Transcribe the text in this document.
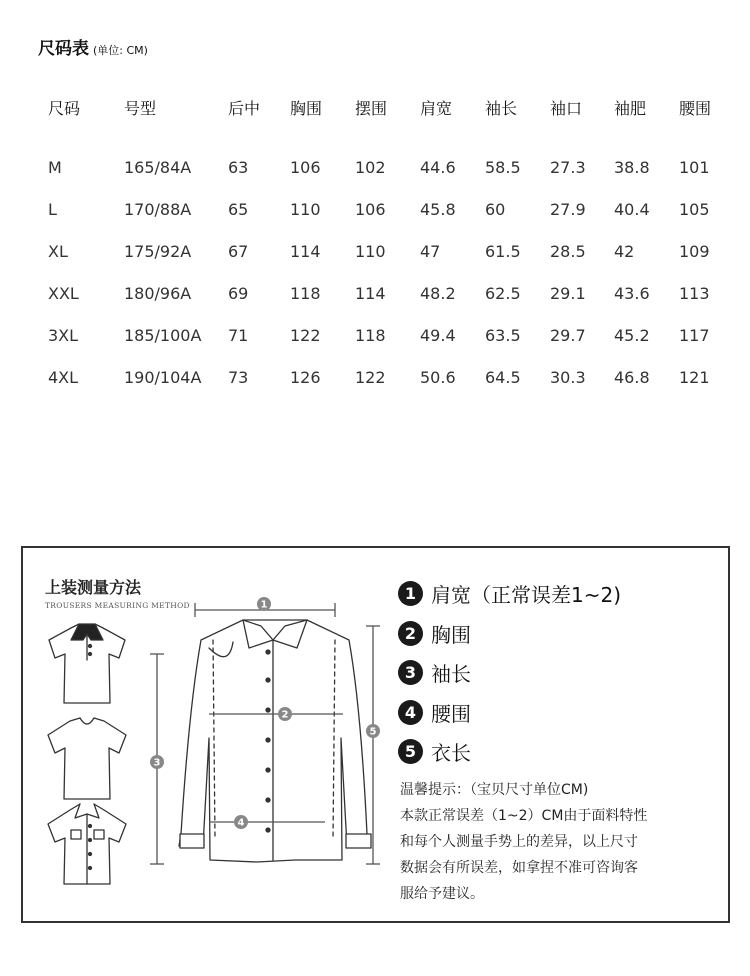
尺码表 (单位: CM)
尺码	号型	后中	胸围	摆围	肩宽	袖长	袖口	袖肥	腰围

M	165/84A	63	106	102	44.6	58.5	27.3	38.8	101
L	170/88A	65	110	106	45.8	60	27.9	40.4	105
XL	175/92A	67	114	110	47	61.5	28.5	42	109
XXL	180/96A	69	118	114	48.2	62.5	29.1	43.6	113
3XL	185/100A	71	122	118	49.4	63.5	29.7	45.2	117
4XL	190/104A	73	126	122	50.6	64.5	30.3	46.8	121
上装测量方法
TROUSERS MEASURING METHOD	1
2
3
4
5
1 肩宽（正常误差1~2)
2 胸围
3 袖长
4 腰围
5 衣长
温馨提示：（宝贝尺寸单位CM)
本款正常误差（1~2）CM由于面料特性
和每个人测量手势上的差异，以上尺寸
数据会有所误差，如拿捏不准可咨询客
服给予建议。
